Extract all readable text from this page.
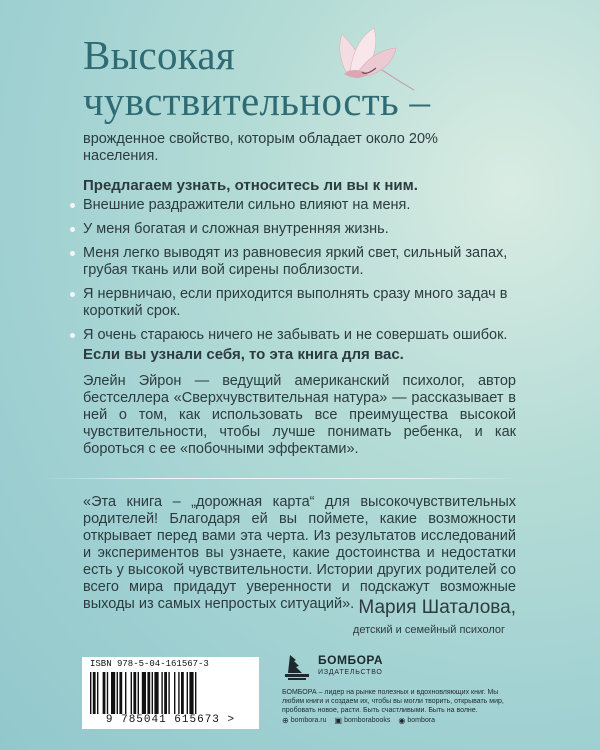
Высокая
чувствительность –

врожденное свойство, которым обладает около 20% населения.

Предлагаем узнать, относитесь ли вы к ним.

Внешние раздражители сильно влияют на меня.
У меня богатая и сложная внутренняя жизнь.
Меня легко выводят из равновесия яркий свет, сильный запах, грубая ткань или вой сирены поблизости.
Я нервничаю, если приходится выполнять сразу много задач в короткий срок.
Я очень стараюсь ничего не забывать и не совершать ошибок.

Если вы узнали себя, то эта книга для вас.

Элейн Эйрон — ведущий американский психолог, автор бестселлера «Сверхчувствительная натура» — рассказывает в ней о том, как использовать все преимущества высокой чувствительности, чтобы лучше понимать ребенка, и как бороться с ее «побочными эффектами».

«Эта книга – „дорожная карта“ для высокочувствительных родителей! Благодаря ей вы поймете, какие возможности открывает перед вами эта черта. Из результатов исследований и экспериментов вы узнаете, какие достоинства и недостатки есть у высокой чувствительности. Истории других родителей со всего мира придадут уверенности и подскажут возможные выходы из самых непростых ситуаций». Мария Шаталова,

детский и семейный психолог

ISBN 978-5-04-161567-3
9 785041 615673 >
БОМБОРА
ИЗДАТЕЛЬСТВО

БОМБОРА – лидер на рынке полезных и вдохновляющих книг. Мы любим книги и создаем их, чтобы вы могли творить, открывать мир, пробовать новое, расти. Быть счастливыми. Быть на волне.

⊕ bombora.ru ▣ bomborabooks ◉ bombora
